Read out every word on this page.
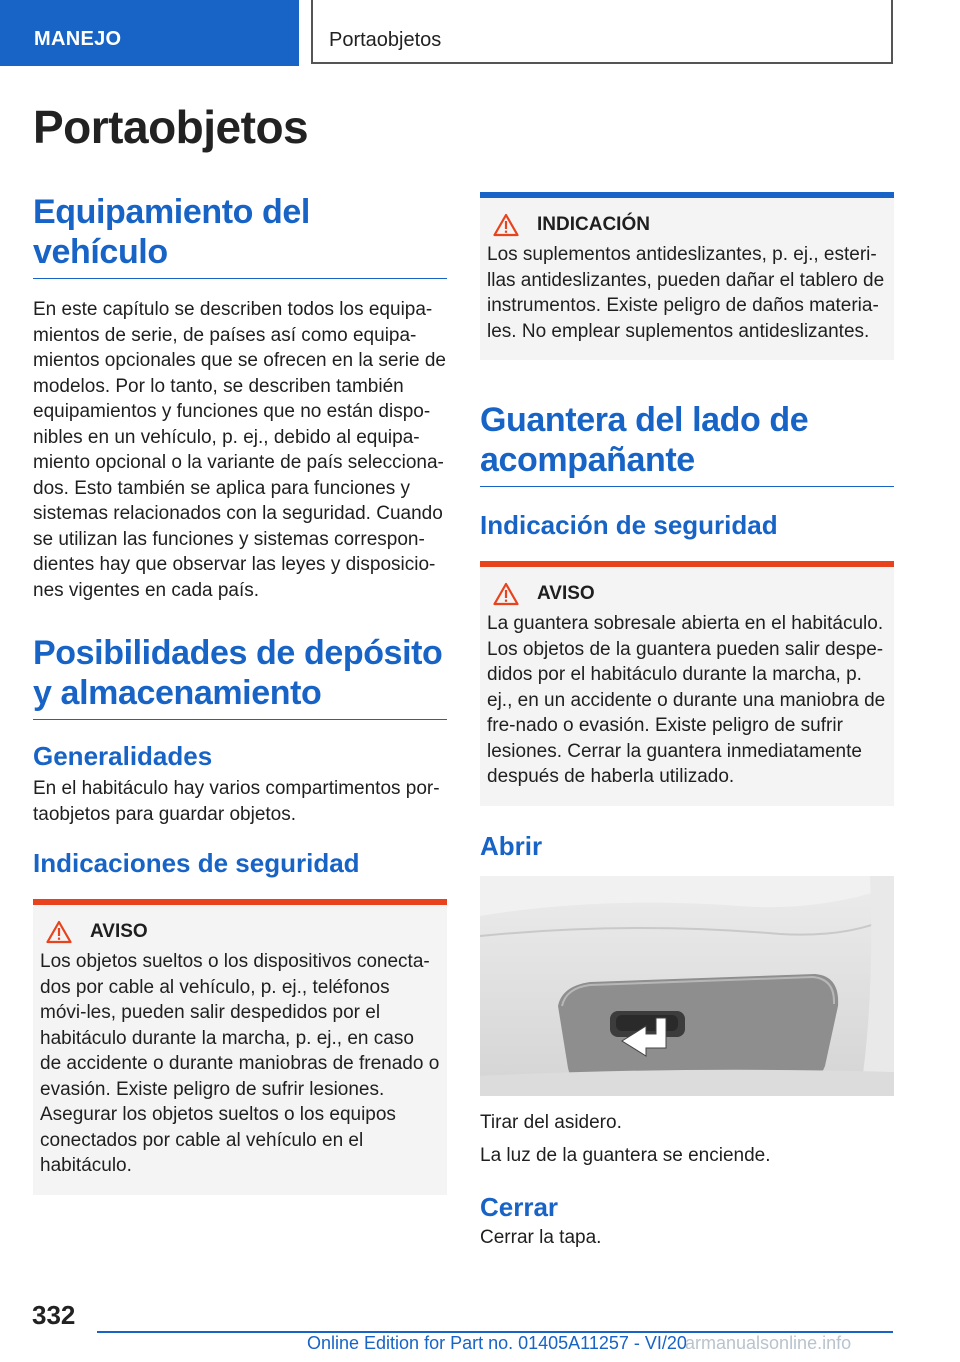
MANEJO	Portaobjetos
Portaobjetos
Equipamiento del vehículo

En este capítulo se describen todos los equipa-mientos de serie, de países así como equipa-mientos opcionales que se ofrecen en la serie de modelos. Por lo tanto, se describen también equipamientos y funciones que no están dispo-nibles en un vehículo, p. ej., debido al equipa-miento opcional o la variante de país selecciona-dos. Esto también se aplica para funciones y sistemas relacionados con la seguridad. Cuando se utilizan las funciones y sistemas correspon-dientes hay que observar las leyes y disposicio-nes vigentes en cada país.

Posibilidades de depósito y almacenamiento
Generalidades

En el habitáculo hay varios compartimentos por-taobjetos para guardar objetos.

Indicaciones de seguridad
AVISO

Los objetos sueltos o los dispositivos conecta-dos por cable al vehículo, p. ej., teléfonos móvi-les, pueden salir despedidos por el habitáculo durante la marcha, p. ej., en caso de accidente o durante maniobras de frenado o evasión. Existe peligro de sufrir lesiones. Asegurar los objetos sueltos o los equipos conectados por cable al vehículo en el habitáculo.

INDICACIÓN

Los suplementos antideslizantes, p. ej., esteri-llas antideslizantes, pueden dañar el tablero de instrumentos. Existe peligro de daños materia-les. No emplear suplementos antideslizantes.

Guantera del lado de acompañante
Indicación de seguridad
AVISO

La guantera sobresale abierta en el habitáculo. Los objetos de la guantera pueden salir despe-didos por el habitáculo durante la marcha, p. ej., en un accidente o durante una maniobra de fre-nado o evasión. Existe peligro de sufrir lesiones. Cerrar la guantera inmediatamente después de haberla utilizado.

Abrir

Tirar del asidero.

La luz de la guantera se enciende.

Cerrar

Cerrar la tapa.

332
Online Edition for Part no. 01405A11257 - VI/20
armanualsonline.info
